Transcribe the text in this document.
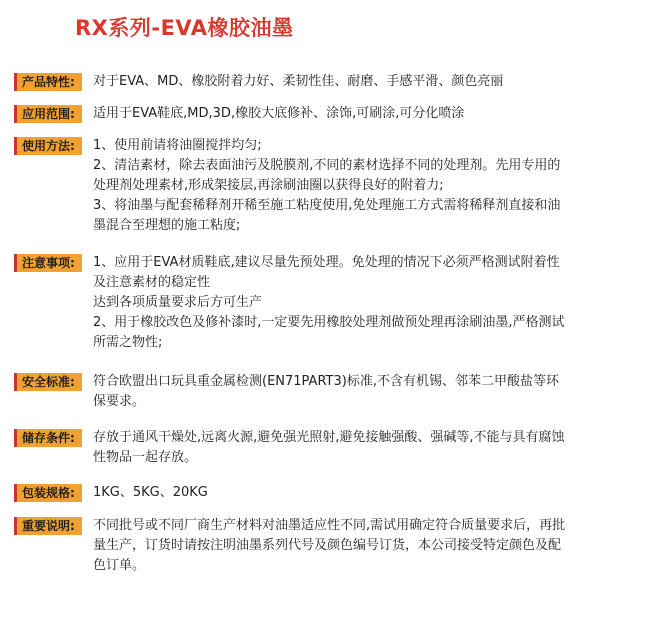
RX系列-EVA橡胶油墨
产品特性:	对于EVA、MD、橡胶附着力好、柔韧性佳、耐磨、手感平滑、颜色亮丽
应用范围:	适用于EVA鞋底,MD,3D,橡胶大底修补、涂饰,可刷涂,可分化喷涂
使用方法:	1、使用前请将油圈搅拌均匀;
2、清洁素材，除去表面油污及脱膜剂,不同的素材选择不同的处理剂。先用专用的
处理剂处理素材,形成架接层,再涂刷油圈以获得良好的附着力;
3、将油墨与配套稀释剂开稀至施工粘度使用,免处理施工方式需将稀释剂直接和油
墨混合至理想的施工粘度;
注意事项:	1、应用于EVA材质鞋底,建议尽量先预处理。免处理的情况下必须严格测试附着性
及注意素材的稳定性
达到各项质量要求后方可生产
2、用于橡胶改色及修补漆时,一定要先用橡胶处理剂做预处理再涂刷油墨,严格测试
所需之物性;
安全标准:	符合欧盟出口玩具重金属检测(EN71PART3)标准,不含有机锡、邻苯二甲酸盐等环
保要求。
储存条件:	存放于通风干燥处,远离火源,避免强光照射,避免接触强酸、强碱等,不能与具有腐蚀
性物品一起存放。
包装规格:	1KG、5KG、20KG
重要说明:	不同批号或不同厂商生产材料对油墨适应性不同,需试用确定符合质量要求后，再批
量生产，订货时请按注明油墨系列代号及颜色编号订货，本公司接受特定颜色及配
色订单。
